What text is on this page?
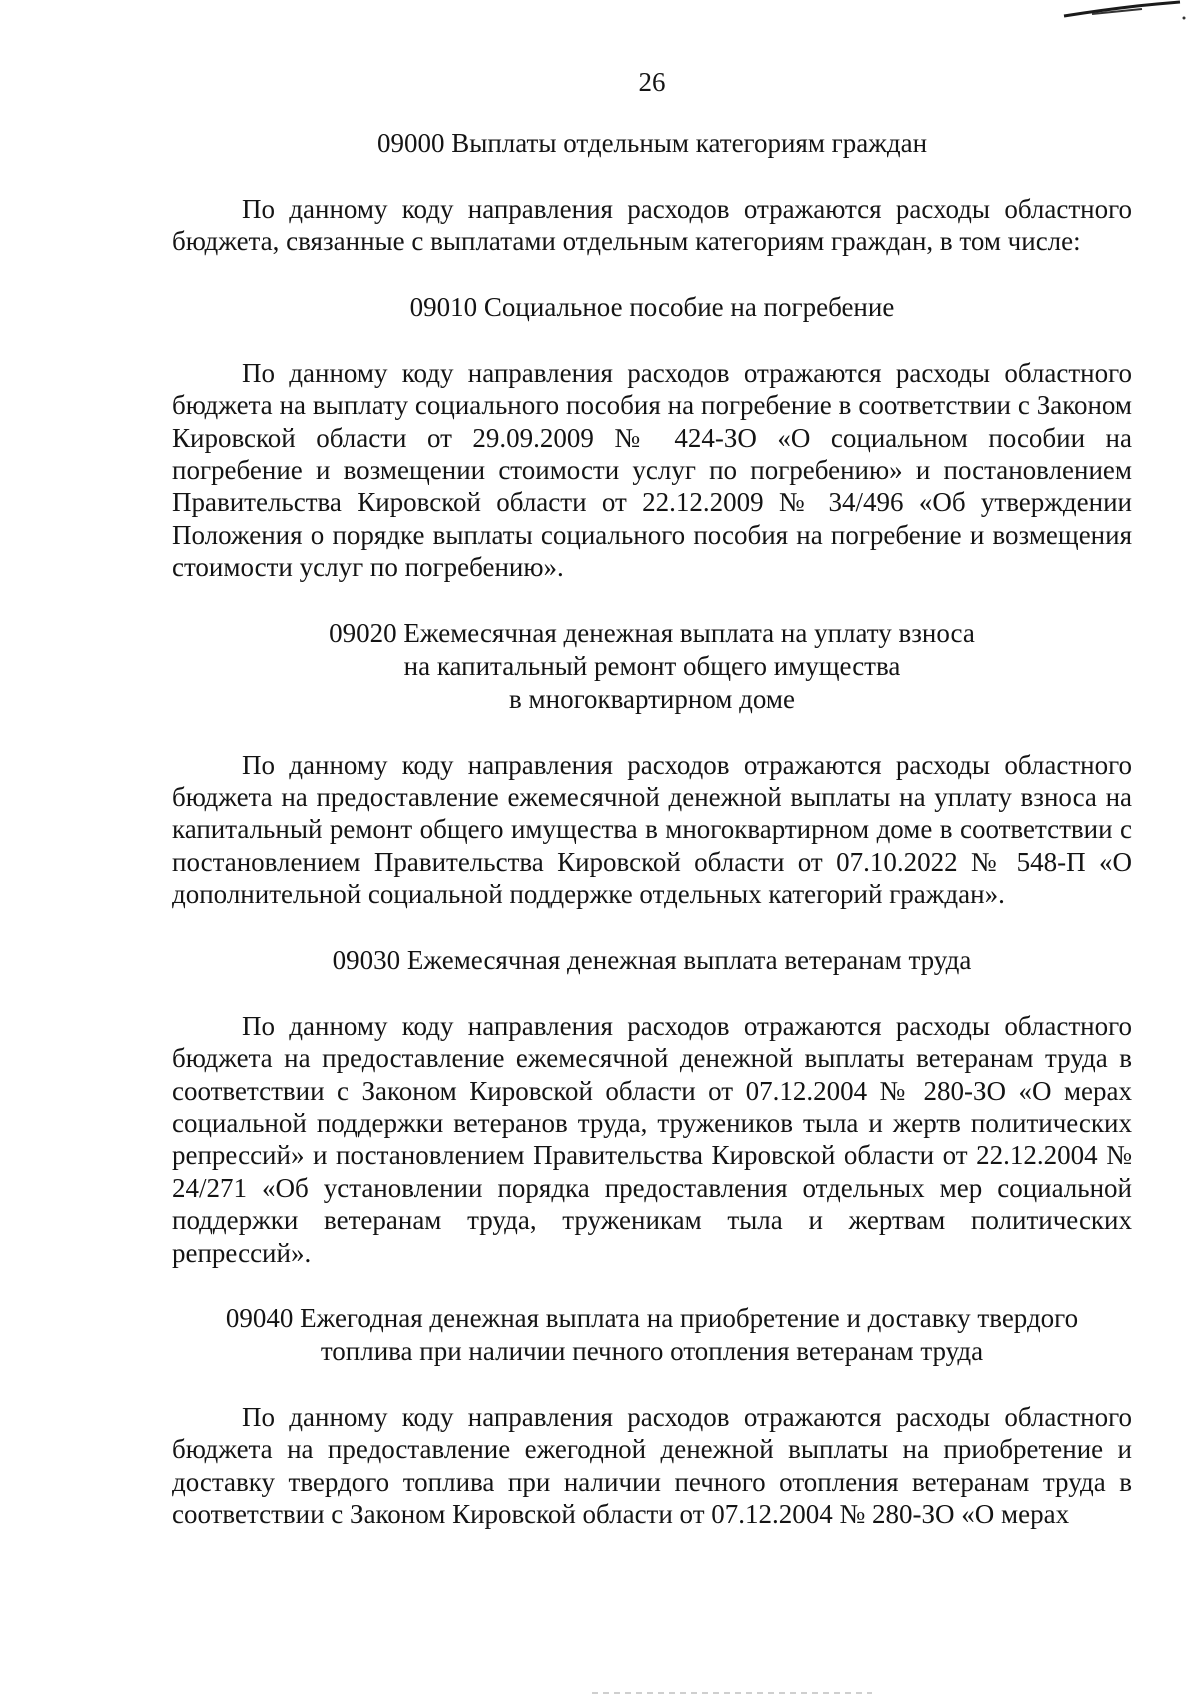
26

09000 Выплаты отдельным категориям граждан

По данному коду направления расходов отражаются расходы областного бюджета, связанные с выплатами отдельным категориям граждан, в том числе:

09010 Социальное пособие на погребение

По данному коду направления расходов отражаются расходы областного бюджета на выплату социального пособия на погребение в соответствии с Законом Кировской области от 29.09.2009 № 424-ЗО «О социальном пособии на погребение и возмещении стоимости услуг по погребению» и постановлением Правительства Кировской области от 22.12.2009 № 34/496 «Об утверждении Положения о порядке выплаты социального пособия на погребение и возмещения стоимости услуг по погребению».

09020 Ежемесячная денежная выплата на уплату взноса

на капитальный ремонт общего имущества

в многоквартирном доме

По данному коду направления расходов отражаются расходы областного бюджета на предоставление ежемесячной денежной выплаты на уплату взноса на капитальный ремонт общего имущества в многоквартирном доме в соответствии с постановлением Правительства Кировской области от 07.10.2022 № 548-П «О дополнительной социальной поддержке отдельных категорий граждан».

09030 Ежемесячная денежная выплата ветеранам труда

По данному коду направления расходов отражаются расходы областного бюджета на предоставление ежемесячной денежной выплаты ветеранам труда в соответствии с Законом Кировской области от 07.12.2004 № 280-ЗО «О мерах социальной поддержки ветеранов труда, тружеников тыла и жертв политических репрессий» и постановлением Правительства Кировской области от 22.12.2004 № 24/271 «Об установлении порядка предоставления отдельных мер социальной поддержки ветеранам труда, труженикам тыла и жертвам политических репрессий».

09040 Ежегодная денежная выплата на приобретение и доставку твердого

топлива при наличии печного отопления ветеранам труда

По данному коду направления расходов отражаются расходы областного бюджета на предоставление ежегодной денежной выплаты на приобретение и доставку твердого топлива при наличии печного отопления ветеранам труда в соответствии с Законом Кировской области от 07.12.2004 № 280-ЗО «О мерах
